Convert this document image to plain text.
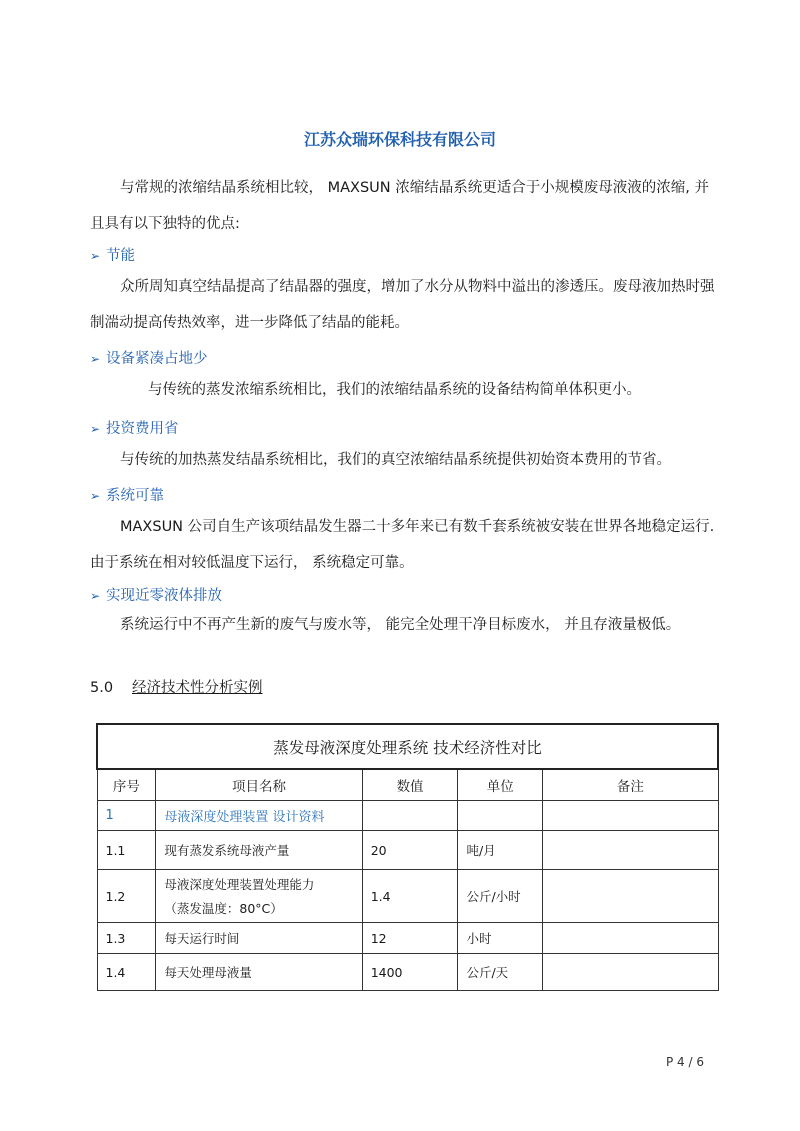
江苏众瑞环保科技有限公司
与常规的浓缩结晶系统相比较， MAXSUN 浓缩结晶系统更适合于小规模废母液液的浓缩, 并且具有以下独特的优点:
➢ 节能
众所周知真空结晶提高了结晶器的强度，增加了水分从物料中溢出的渗透压。废母液加热时强制湍动提高传热效率，进一步降低了结晶的能耗。
➢ 设备紧凑占地少
与传统的蒸发浓缩系统相比，我们的浓缩结晶系统的设备结构简单体积更小。
➢ 投资费用省
与传统的加热蒸发结晶系统相比，我们的真空浓缩结晶系统提供初始资本费用的节省。
➢ 系统可靠
MAXSUN 公司自生产该项结晶发生器二十多年来已有数千套系统被安装在世界各地稳定运行. 由于系统在相对较低温度下运行， 系统稳定可靠。
➢ 实现近零液体排放
系统运行中不再产生新的废气与废水等， 能完全处理干净目标废水， 并且存液量极低。
5.0 经济技术性分析实例
蒸发母液深度处理系统 技术经济性对比				
序号	项目名称	数值	单位	备注
1	母液深度处理装置 设计资料			
1.1	现有蒸发系统母液产量	20	吨/月	
1.2	母液深度处理装置处理能力
（蒸发温度：80°C）	1.4	公斤/小时	
1.3	每天运行时间	12	小时	
1.4	每天处理母液量	1400	公斤/天	
P 4 / 6
